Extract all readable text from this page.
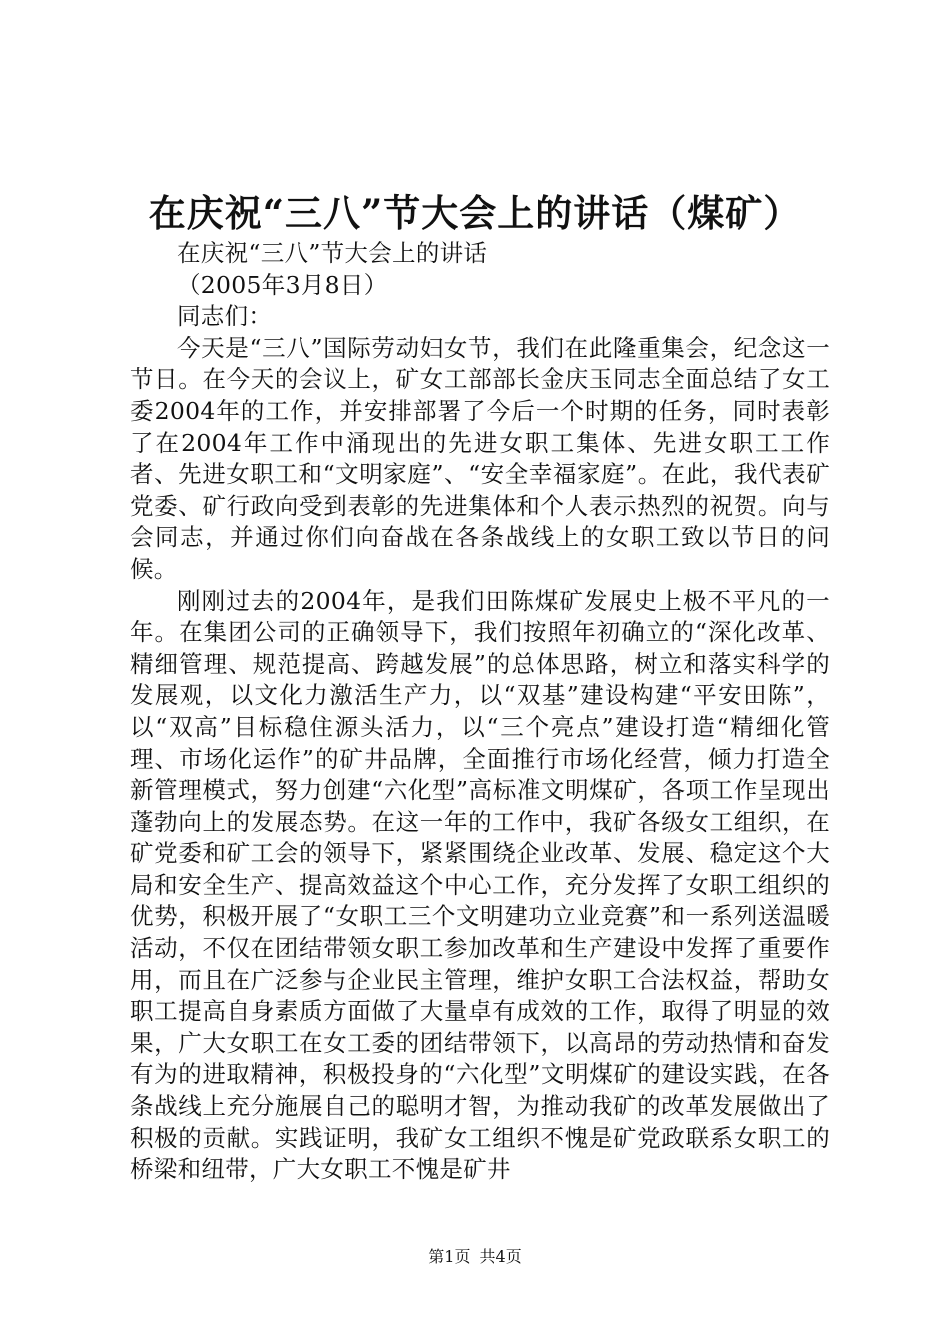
在庆祝“三八”节大会上的讲话（煤矿）

在庆祝“三八”节大会上的讲话

（2005年3月8日）

同志们：

今天是“三八”国际劳动妇女节，我们在此隆重集会，纪念这一节日。在今天的会议上，矿女工部部长金庆玉同志全面总结了女工委2004年的工作，并安排部署了今后一个时期的任务，同时表彰了在2004年工作中涌现出的先进女职工集体、先进女职工工作者、先进女职工和“文明家庭”、“安全幸福家庭”。在此，我代表矿党委、矿行政向受到表彰的先进集体和个人表示热烈的祝贺。向与会同志，并通过你们向奋战在各条战线上的女职工致以节日的问候。

刚刚过去的2004年，是我们田陈煤矿发展史上极不平凡的一年。在集团公司的正确领导下，我们按照年初确立的“深化改革、精细管理、规范提高、跨越发展”的总体思路，树立和落实科学的发展观，以文化力激活生产力，以“双基”建设构建“平安田陈”，以“双高”目标稳住源头活力，以“三个亮点”建设打造“精细化管理、市场化运作”的矿井品牌，全面推行市场化经营，倾力打造全新管理模式，努力创建“六化型”高标准文明煤矿，各项工作呈现出蓬勃向上的发展态势。在这一年的工作中，我矿各级女工组织，在矿党委和矿工会的领导下，紧紧围绕企业改革、发展、稳定这个大局和安全生产、提高效益这个中心工作，充分发挥了女职工组织的优势，积极开展了“女职工三个文明建功立业竞赛”和一系列送温暖活动，不仅在团结带领女职工参加改革和生产建设中发挥了重要作用，而且在广泛参与企业民主管理，维护女职工合法权益，帮助女职工提高自身素质方面做了大量卓有成效的工作，取得了明显的效果，广大女职工在女工委的团结带领下，以高昂的劳动热情和奋发有为的进取精神，积极投身的“六化型”文明煤矿的建设实践，在各条战线上充分施展自己的聪明才智，为推动我矿的改革发展做出了积极的贡献。实践证明，我矿女工组织不愧是矿党政联系女职工的桥梁和纽带，广大女职工不愧是矿井

第1页 共4页
